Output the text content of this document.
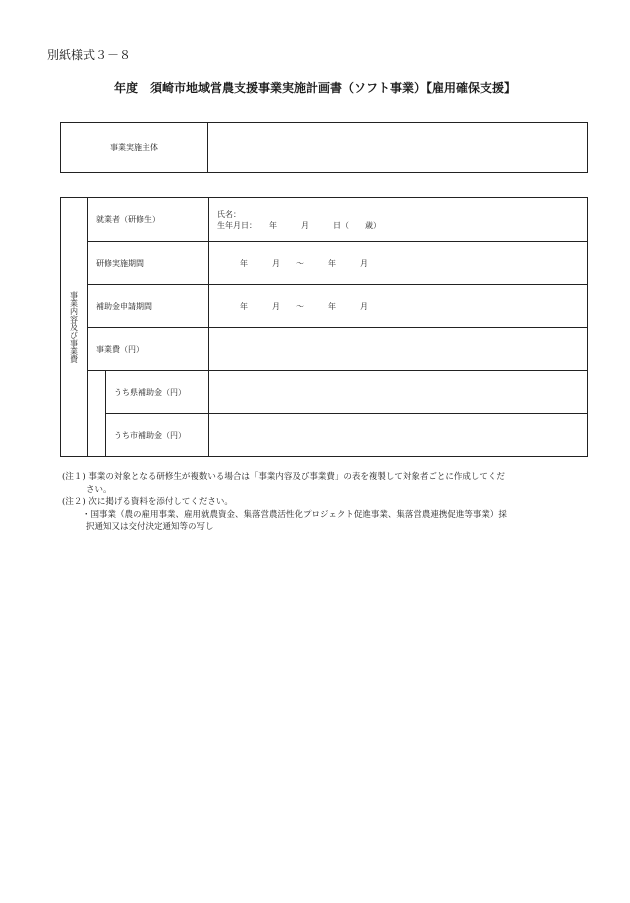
別紙様式３－８
年度　須崎市地域営農支援事業実施計画書（ソフト事業）【雇用確保支援】
事業実施主体	
事業内容及び事業費	就業者（研修生）		氏名：
生年月日：　　年　　　月　　　日（　　歳）

	研修実施期間		年　　　月　　～　　　年　　　月
	補助金申請期間		年　　　月　　～　　　年　　　月
	事業費（円）		
		うち県補助金（円）	
		うち市補助金（円）	

(注１) 事業の対象となる研修生が複数いる場合は「事業内容及び事業費」の表を複製して対象者ごとに作成してくだ

さい。

(注２) 次に掲げる資料を添付してください。

・国事業（農の雇用事業、雇用就農資金、集落営農活性化プロジェクト促進事業、集落営農連携促進等事業）採

択通知又は交付決定通知等の写し
